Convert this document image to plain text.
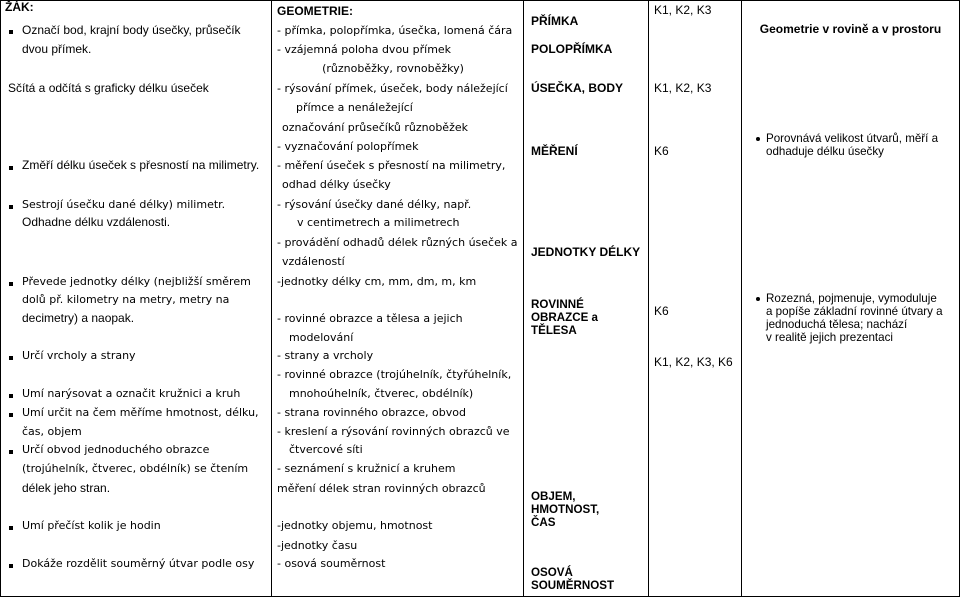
ŽÁK:
Označí bod, krajní body úsečky, průsečík
dvou přímek.
Sčítá a odčítá s graficky délku úseček
Změří délku úseček s přesností na milimetry.
Sestrojí úsečku dané délky) milimetr.
Odhadne délku vzdálenosti.
Převede jednotky délky (nejbližší směrem
dolů př. kilometry na metry, metry na
decimetry) a naopak.
Určí vrcholy a strany
Umí narýsovat a označit kružnici a kruh
Umí určit na čem měříme hmotnost, délku,
čas, objem
Určí obvod jednoduchého obrazce
(trojúhelník, čtverec, obdélník) se čtením
délek jeho stran.
Umí přečíst kolik je hodin
Dokáže rozdělit souměrný útvar podle osy
GEOMETRIE:
- přímka, polopřímka, úsečka, lomená čára
- vzájemná poloha dvou přímek
(různoběžky, rovnoběžky)
- rýsování přímek, úseček, body náležející
přímce a nenáležející
označování průsečíků různoběžek
- vyznačování polopřímek
- měření úseček s přesností na milimetry,
odhad délky úsečky
- rýsování úsečky dané délky, např.
v centimetrech a milimetrech
- provádění odhadů délek různých úseček a
vzdáleností
-jednotky délky cm, mm, dm, m, km
- rovinné obrazce a tělesa a jejich
modelování
- strany a vrcholy
- rovinné obrazce (trojúhelník, čtyřúhelník,
mnohoúhelník, čtverec, obdélník)
- strana rovinného obrazce, obvod
- kreslení a rýsování rovinných obrazců ve
čtvercové síti
- seznámení s kružnicí a kruhem
měření délek stran rovinných obrazců
-jednotky objemu, hmotnost
-jednotky času
- osová souměrnost
PŘÍMKA
POLOPŘÍMKA
ÚSEČKA, BODY
MĚŘENÍ
JEDNOTKY DÉLKY
ROVINNÉ
OBRAZCE a
TĚLESA
OBJEM,
HMOTNOST,
ČAS
OSOVÁ
SOUMĚRNOST
K1, K2, K3
K1, K2, K3
K6
K6
K1, K2, K3, K6
Geometrie v rovině a v prostoru
Porovnává velikost útvarů, měří a
odhaduje délku úsečky
Rozezná, pojmenuje, vymoduluje
a popíše základní rovinné útvary a
jednoduchá tělesa; nachází
v realitě jejich prezentaci
